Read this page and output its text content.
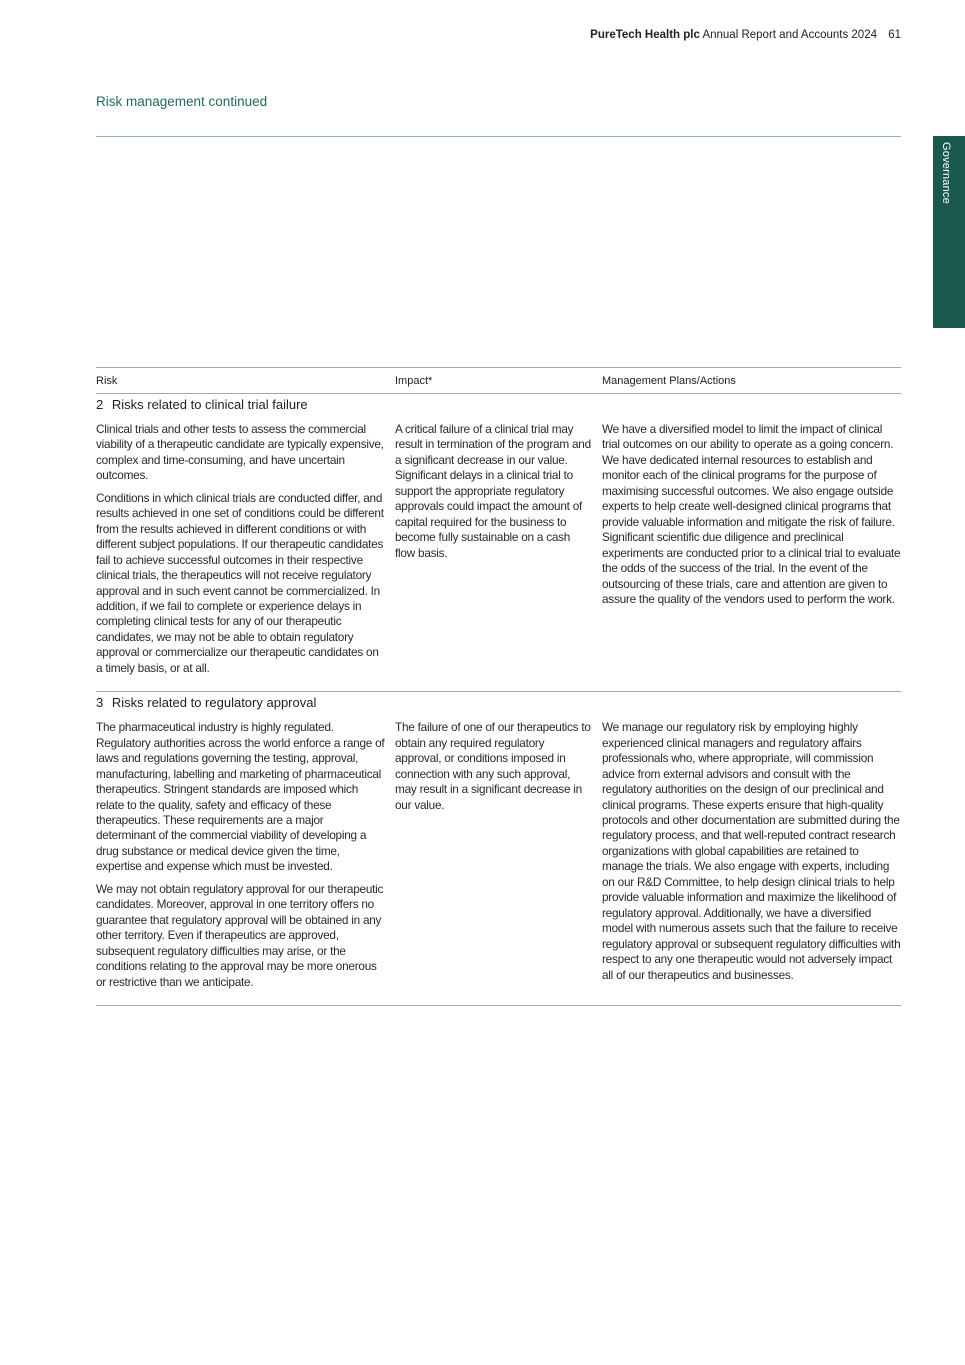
PureTech Health plc Annual Report and Accounts 2024 61
Risk management continued
Governance
Risk	Impact*	Management Plans/Actions
2 Risks related to clinical trial failure

Clinical trials and other tests to assess the commercial viability of a therapeutic candidate are typically expensive, complex and time-consuming, and have uncertain outcomes.

Conditions in which clinical trials are conducted differ, and results achieved in one set of conditions could be different from the results achieved in different conditions or with different subject populations. If our therapeutic candidates fail to achieve successful outcomes in their respective clinical trials, the therapeutics will not receive regulatory approval and in such event cannot be commercialized. In addition, if we fail to complete or experience delays in completing clinical tests for any of our therapeutic candidates, we may not be able to obtain regulatory approval or commercialize our therapeutic candidates on a timely basis, or at all.

A critical failure of a clinical trial may result in termination of the program and a significant decrease in our value. Significant delays in a clinical trial to support the appropriate regulatory approvals could impact the amount of capital required for the business to become fully sustainable on a cash flow basis.

We have a diversified model to limit the impact of clinical trial outcomes on our ability to operate as a going concern. We have dedicated internal resources to establish and monitor each of the clinical programs for the purpose of maximising successful outcomes. We also engage outside experts to help create well-designed clinical programs that provide valuable information and mitigate the risk of failure. Significant scientific due diligence and preclinical experiments are conducted prior to a clinical trial to evaluate the odds of the success of the trial. In the event of the outsourcing of these trials, care and attention are given to assure the quality of the vendors used to perform the work.

3 Risks related to regulatory approval

The pharmaceutical industry is highly regulated. Regulatory authorities across the world enforce a range of laws and regulations governing the testing, approval, manufacturing, labelling and marketing of pharmaceutical therapeutics. Stringent standards are imposed which relate to the quality, safety and efficacy of these therapeutics. These requirements are a major determinant of the commercial viability of developing a drug substance or medical device given the time, expertise and expense which must be invested.

We may not obtain regulatory approval for our therapeutic candidates. Moreover, approval in one territory offers no guarantee that regulatory approval will be obtained in any other territory. Even if therapeutics are approved, subsequent regulatory difficulties may arise, or the conditions relating to the approval may be more onerous or restrictive than we anticipate.

The failure of one of our therapeutics to obtain any required regulatory approval, or conditions imposed in connection with any such approval, may result in a significant decrease in our value.

We manage our regulatory risk by employing highly experienced clinical managers and regulatory affairs professionals who, where appropriate, will commission advice from external advisors and consult with the regulatory authorities on the design of our preclinical and clinical programs. These experts ensure that high-quality protocols and other documentation are submitted during the regulatory process, and that well-reputed contract research organizations with global capabilities are retained to manage the trials. We also engage with experts, including on our R&D Committee, to help design clinical trials to help provide valuable information and maximize the likelihood of regulatory approval. Additionally, we have a diversified model with numerous assets such that the failure to receive regulatory approval or subsequent regulatory difficulties with respect to any one therapeutic would not adversely impact all of our therapeutics and businesses.
